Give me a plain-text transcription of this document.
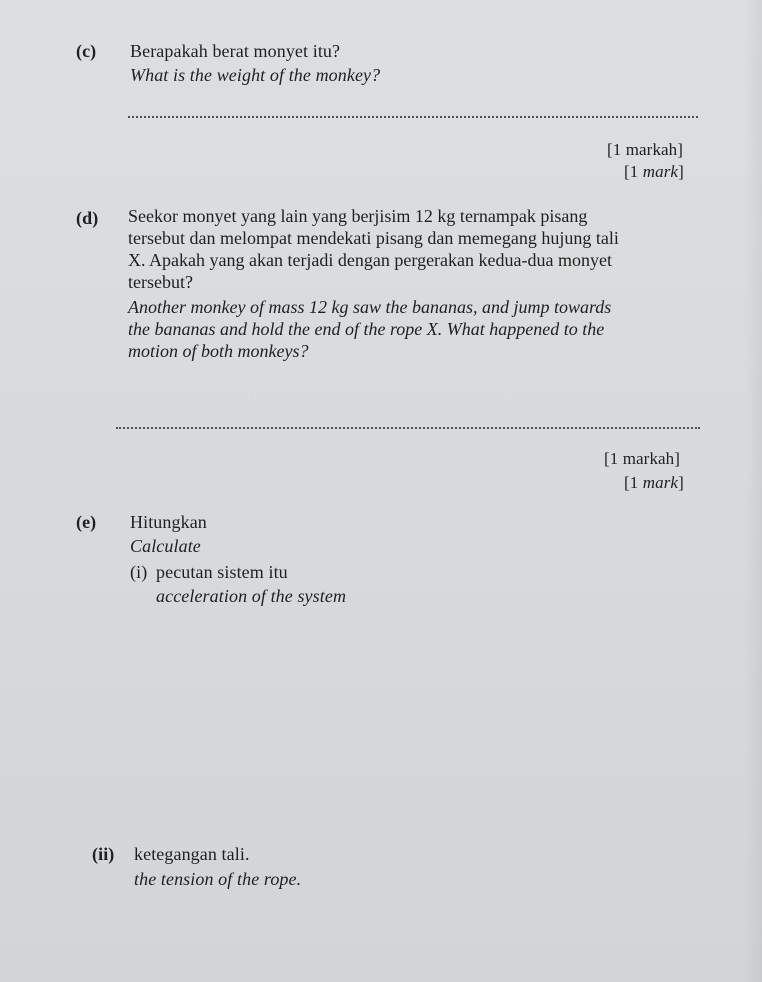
(c) Berapakah berat monyet itu?
What is the weight of the monkey?
[1 markah]
[1 mark]
(d) Seekor monyet yang lain yang berjisim 12 kg ternampak pisang
tersebut dan melompat mendekati pisang dan memegang hujung tali
X. Apakah yang akan terjadi dengan pergerakan kedua-dua monyet
tersebut?
Another monkey of mass 12 kg saw the bananas, and jump towards
the bananas and hold the end of the rope X. What happened to the
motion of both monkeys?
[1 markah]
[1 mark]
(e) Hitungkan
Calculate
(i) pecutan sistem itu
acceleration of the system
(ii) ketegangan tali.
the tension of the rope.
